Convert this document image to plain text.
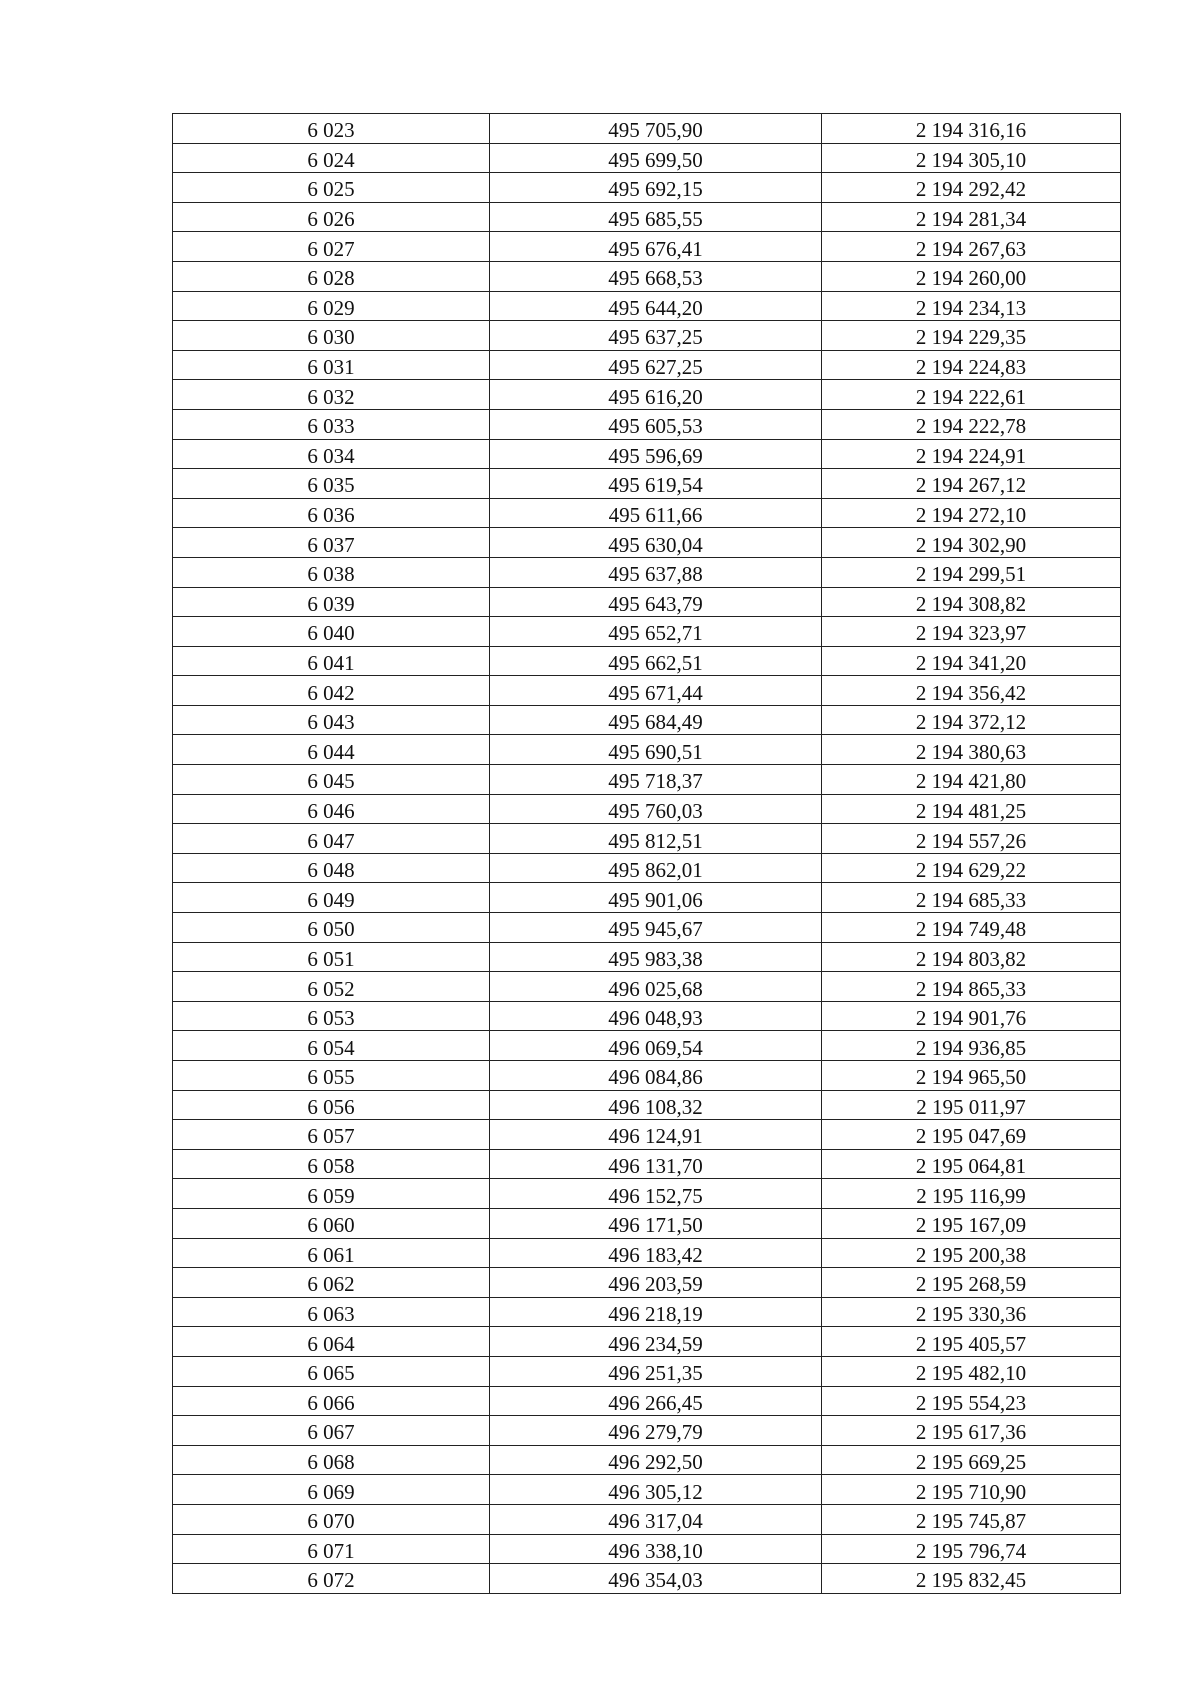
6 023	495 705,90	2 194 316,16
6 024	495 699,50	2 194 305,10
6 025	495 692,15	2 194 292,42
6 026	495 685,55	2 194 281,34
6 027	495 676,41	2 194 267,63
6 028	495 668,53	2 194 260,00
6 029	495 644,20	2 194 234,13
6 030	495 637,25	2 194 229,35
6 031	495 627,25	2 194 224,83
6 032	495 616,20	2 194 222,61
6 033	495 605,53	2 194 222,78
6 034	495 596,69	2 194 224,91
6 035	495 619,54	2 194 267,12
6 036	495 611,66	2 194 272,10
6 037	495 630,04	2 194 302,90
6 038	495 637,88	2 194 299,51
6 039	495 643,79	2 194 308,82
6 040	495 652,71	2 194 323,97
6 041	495 662,51	2 194 341,20
6 042	495 671,44	2 194 356,42
6 043	495 684,49	2 194 372,12
6 044	495 690,51	2 194 380,63
6 045	495 718,37	2 194 421,80
6 046	495 760,03	2 194 481,25
6 047	495 812,51	2 194 557,26
6 048	495 862,01	2 194 629,22
6 049	495 901,06	2 194 685,33
6 050	495 945,67	2 194 749,48
6 051	495 983,38	2 194 803,82
6 052	496 025,68	2 194 865,33
6 053	496 048,93	2 194 901,76
6 054	496 069,54	2 194 936,85
6 055	496 084,86	2 194 965,50
6 056	496 108,32	2 195 011,97
6 057	496 124,91	2 195 047,69
6 058	496 131,70	2 195 064,81
6 059	496 152,75	2 195 116,99
6 060	496 171,50	2 195 167,09
6 061	496 183,42	2 195 200,38
6 062	496 203,59	2 195 268,59
6 063	496 218,19	2 195 330,36
6 064	496 234,59	2 195 405,57
6 065	496 251,35	2 195 482,10
6 066	496 266,45	2 195 554,23
6 067	496 279,79	2 195 617,36
6 068	496 292,50	2 195 669,25
6 069	496 305,12	2 195 710,90
6 070	496 317,04	2 195 745,87
6 071	496 338,10	2 195 796,74
6 072	496 354,03	2 195 832,45
